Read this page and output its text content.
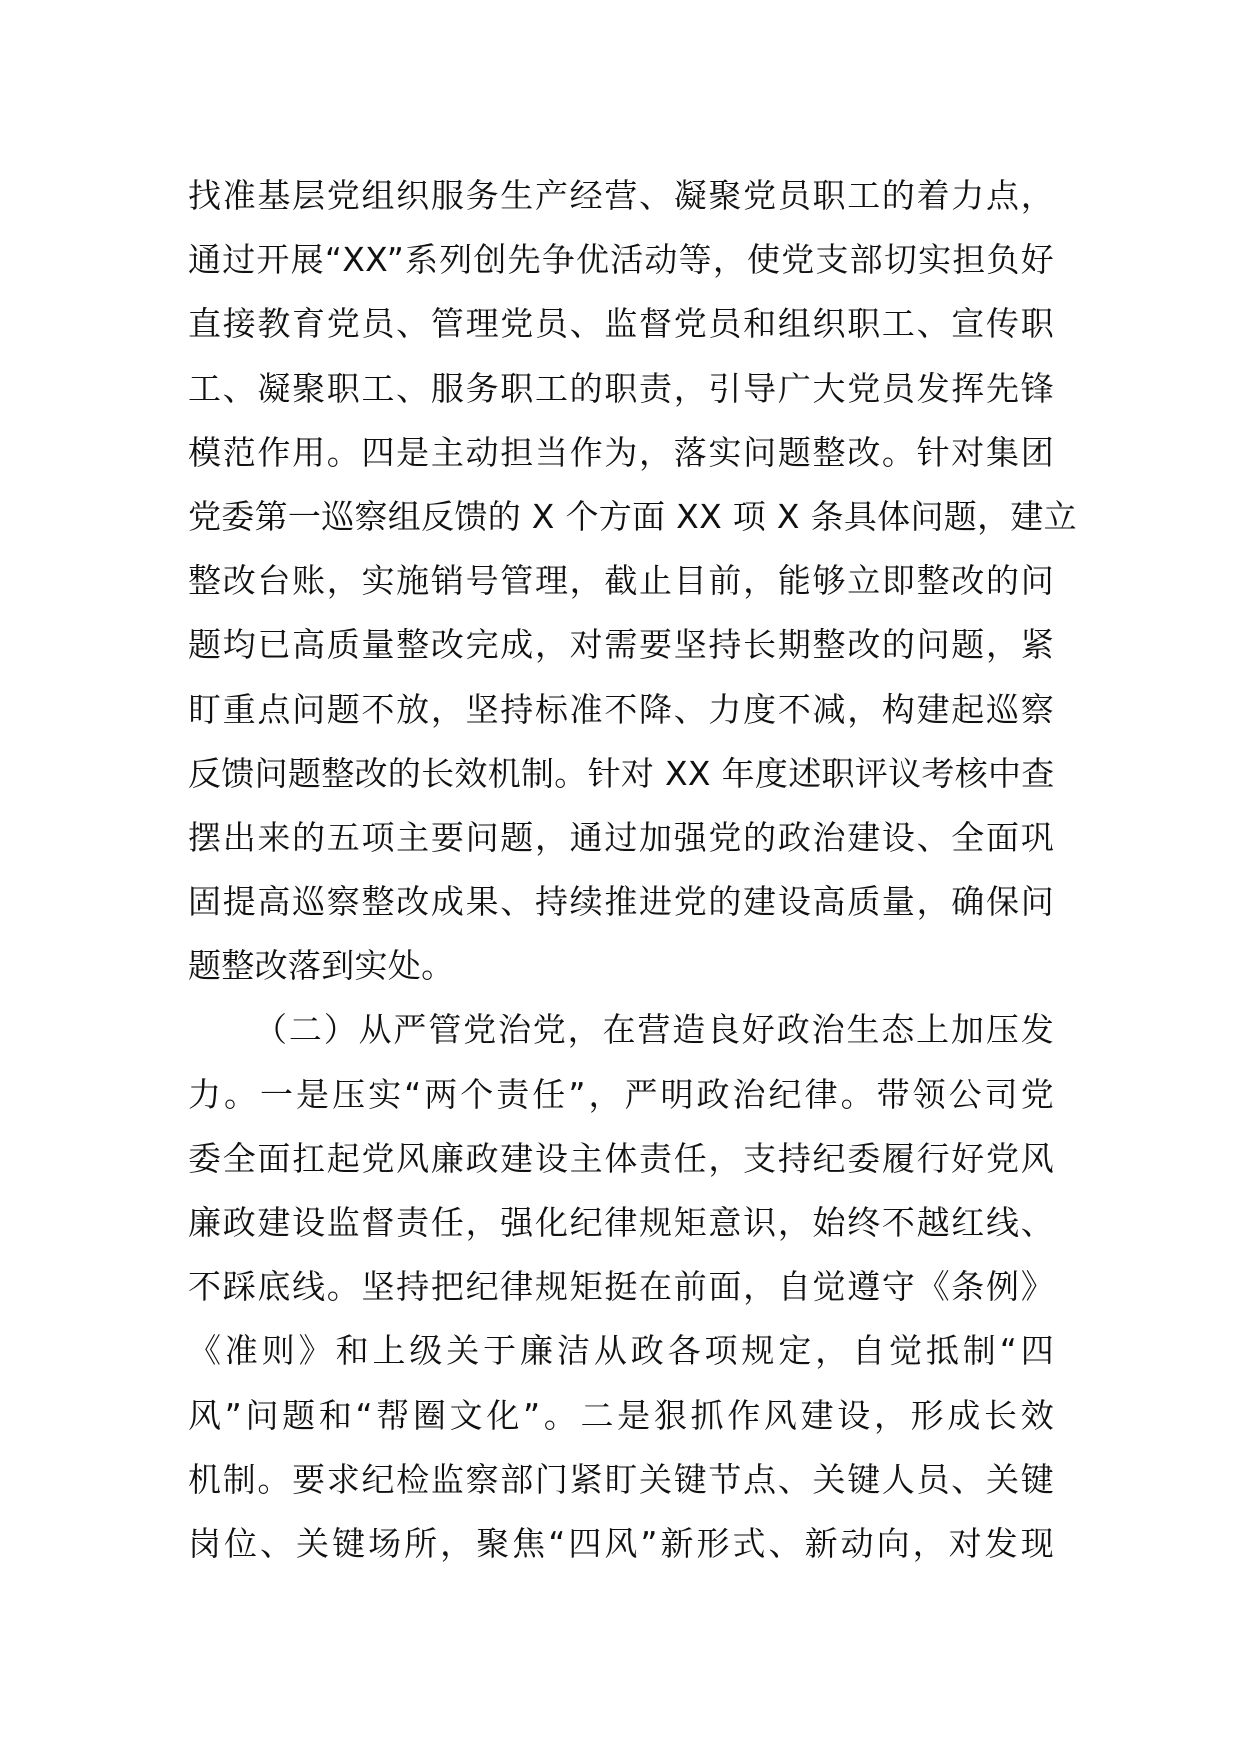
找准基层党组织服务生产经营、凝聚党员职工的着力点，
通过开展“XX”系列创先争优活动等，使党支部切实担负好
直接教育党员、管理党员、监督党员和组织职工、宣传职
工、凝聚职工、服务职工的职责，引导广大党员发挥先锋
模范作用。四是主动担当作为，落实问题整改。针对集团
党委第一巡察组反馈的 X 个方面 XX 项 X 条具体问题，建立
整改台账，实施销号管理，截止目前，能够立即整改的问
题均已高质量整改完成，对需要坚持长期整改的问题，紧
盯重点问题不放，坚持标准不降、力度不减，构建起巡察
反馈问题整改的长效机制。针对 XX 年度述职评议考核中查
摆出来的五项主要问题，通过加强党的政治建设、全面巩
固提高巡察整改成果、持续推进党的建设高质量，确保问
题整改落到实处。
（二）从严管党治党，在营造良好政治生态上加压发
力。一是压实“两个责任”，严明政治纪律。带领公司党
委全面扛起党风廉政建设主体责任，支持纪委履行好党风
廉政建设监督责任，强化纪律规矩意识，始终不越红线、
不踩底线。坚持把纪律规矩挺在前面，自觉遵守《条例》
《准则》和上级关于廉洁从政各项规定，自觉抵制“四
风”问题和“帮圈文化”。二是狠抓作风建设，形成长效
机制。要求纪检监察部门紧盯关键节点、关键人员、关键
岗位、关键场所，聚焦“四风”新形式、新动向，对发现
